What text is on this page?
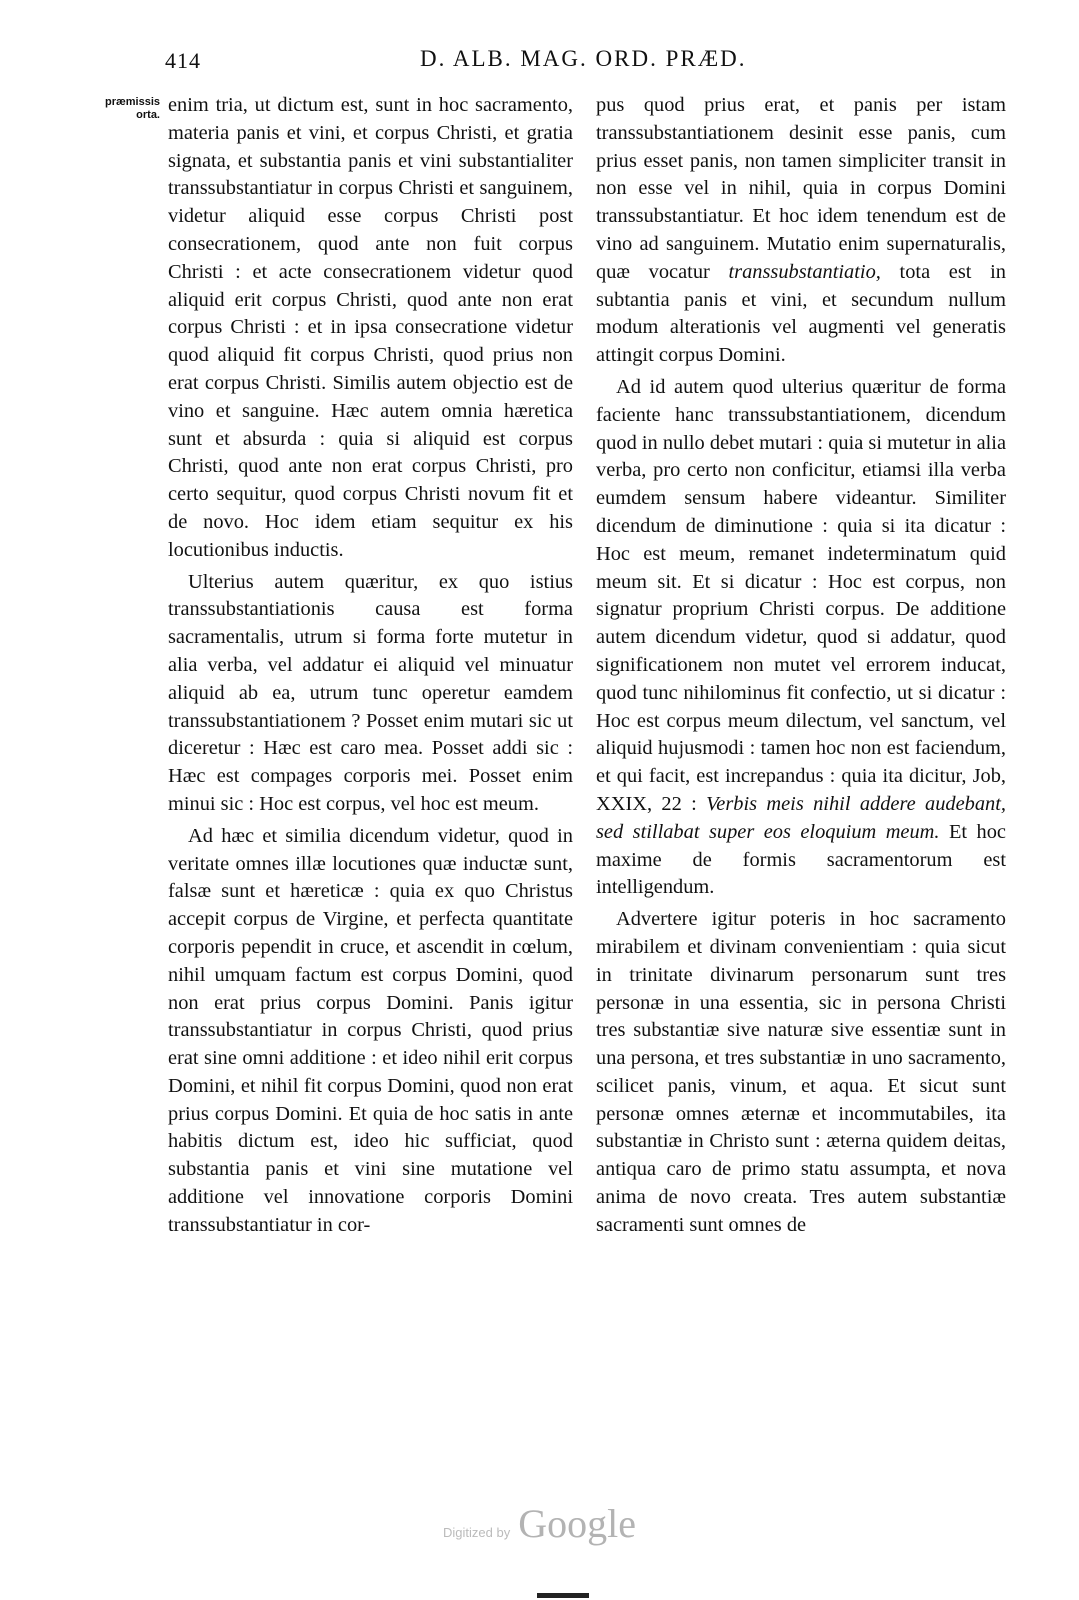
414	D. ALB. MAG. ORD. PRÆD.
præmissis
orta. enim tria, ut dictum est, sunt in hoc sacramento, materia panis et vini, et corpus Christi, et gratia signata, et substantia panis et vini substantialiter transsubstantiatur in corpus Christi et sanguinem, videtur aliquid esse corpus Christi post consecrationem, quod ante non fuit corpus Christi : et acte consecrationem videtur quod aliquid erit corpus Christi, quod ante non erat corpus Christi : et in ipsa consecratione videtur quod aliquid fit corpus Christi, quod prius non erat corpus Christi. Similis autem objectio est de vino et sanguine. Hæc autem omnia hæretica sunt et absurda : quia si aliquid est corpus Christi, quod ante non erat corpus Christi, pro certo sequitur, quod corpus Christi novum fit et de novo. Hoc idem etiam sequitur ex his locutionibus inductis.

Ulterius autem quæritur, ex quo istius transsubstantiationis causa est forma sacramentalis, utrum si forma forte mutetur in alia verba, vel addatur ei aliquid vel minuatur aliquid ab ea, utrum tunc operetur eamdem transsubstantiationem ? Posset enim mutari sic ut diceretur : Hæc est caro mea. Posset addi sic : Hæc est compages corporis mei. Posset enim minui sic : Hoc est corpus, vel hoc est meum.

Ad hæc et similia dicendum videtur, quod in veritate omnes illæ locutiones quæ inductæ sunt, falsæ sunt et hæreticæ : quia ex quo Christus accepit corpus de Virgine, et perfecta quantitate corporis pependit in cruce, et ascendit in cœlum, nihil umquam factum est corpus Domini, quod non erat prius corpus Domini. Panis igitur transsubstantiatur in corpus Christi, quod prius erat sine omni additione : et ideo nihil erit corpus Domini, et nihil fit corpus Domini, quod non erat prius corpus Domini. Et quia de hoc satis in ante habitis dictum est, ideo hic sufficiat, quod substantia panis et vini sine mutatione vel additione vel innovatione corporis Domini transsubstantiatur in cor-

pus quod prius erat, et panis per istam transsubstantiationem desinit esse panis, cum prius esset panis, non tamen simpliciter transit in non esse vel in nihil, quia in corpus Domini transsubstantiatur. Et hoc idem tenendum est de vino ad sanguinem. Mutatio enim supernaturalis, quæ vocatur transsubstantiatio, tota est in subtantia panis et vini, et secundum nullum modum alterationis vel augmenti vel generatis attingit corpus Domini.

Ad id autem quod ulterius quæritur de forma faciente hanc transsubstantiationem, dicendum quod in nullo debet mutari : quia si mutetur in alia verba, pro certo non conficitur, etiamsi illa verba eumdem sensum habere videantur. Similiter dicendum de diminutione : quia si ita dicatur : Hoc est meum, remanet indeterminatum quid meum sit. Et si dicatur : Hoc est corpus, non signatur proprium Christi corpus. De additione autem dicendum videtur, quod si addatur, quod significationem non mutet vel errorem inducat, quod tunc nihilominus fit confectio, ut si dicatur : Hoc est corpus meum dilectum, vel sanctum, vel aliquid hujusmodi : tamen hoc non est faciendum, et qui facit, est increpandus : quia ita dicitur, Job, XXIX, 22 : Verbis meis nihil addere audebant, sed stillabat super eos eloquium meum. Et hoc maxime de formis sacramentorum est intelligendum.

Advertere igitur poteris in hoc sacramento mirabilem et divinam convenientiam : quia sicut in trinitate divinarum personarum sunt tres personæ in una essentia, sic in persona Christi tres substantiæ sive naturæ sive essentiæ sunt in una persona, et tres substantiæ in uno sacramento, scilicet panis, vinum, et aqua. Et sicut sunt personæ omnes æternæ et incommutabiles, ita substantiæ in Christo sunt : æterna quidem deitas, antiqua caro de primo statu assumpta, et nova anima de novo creata. Tres autem substantiæ sacramenti sunt omnes de

Digitized by Google
